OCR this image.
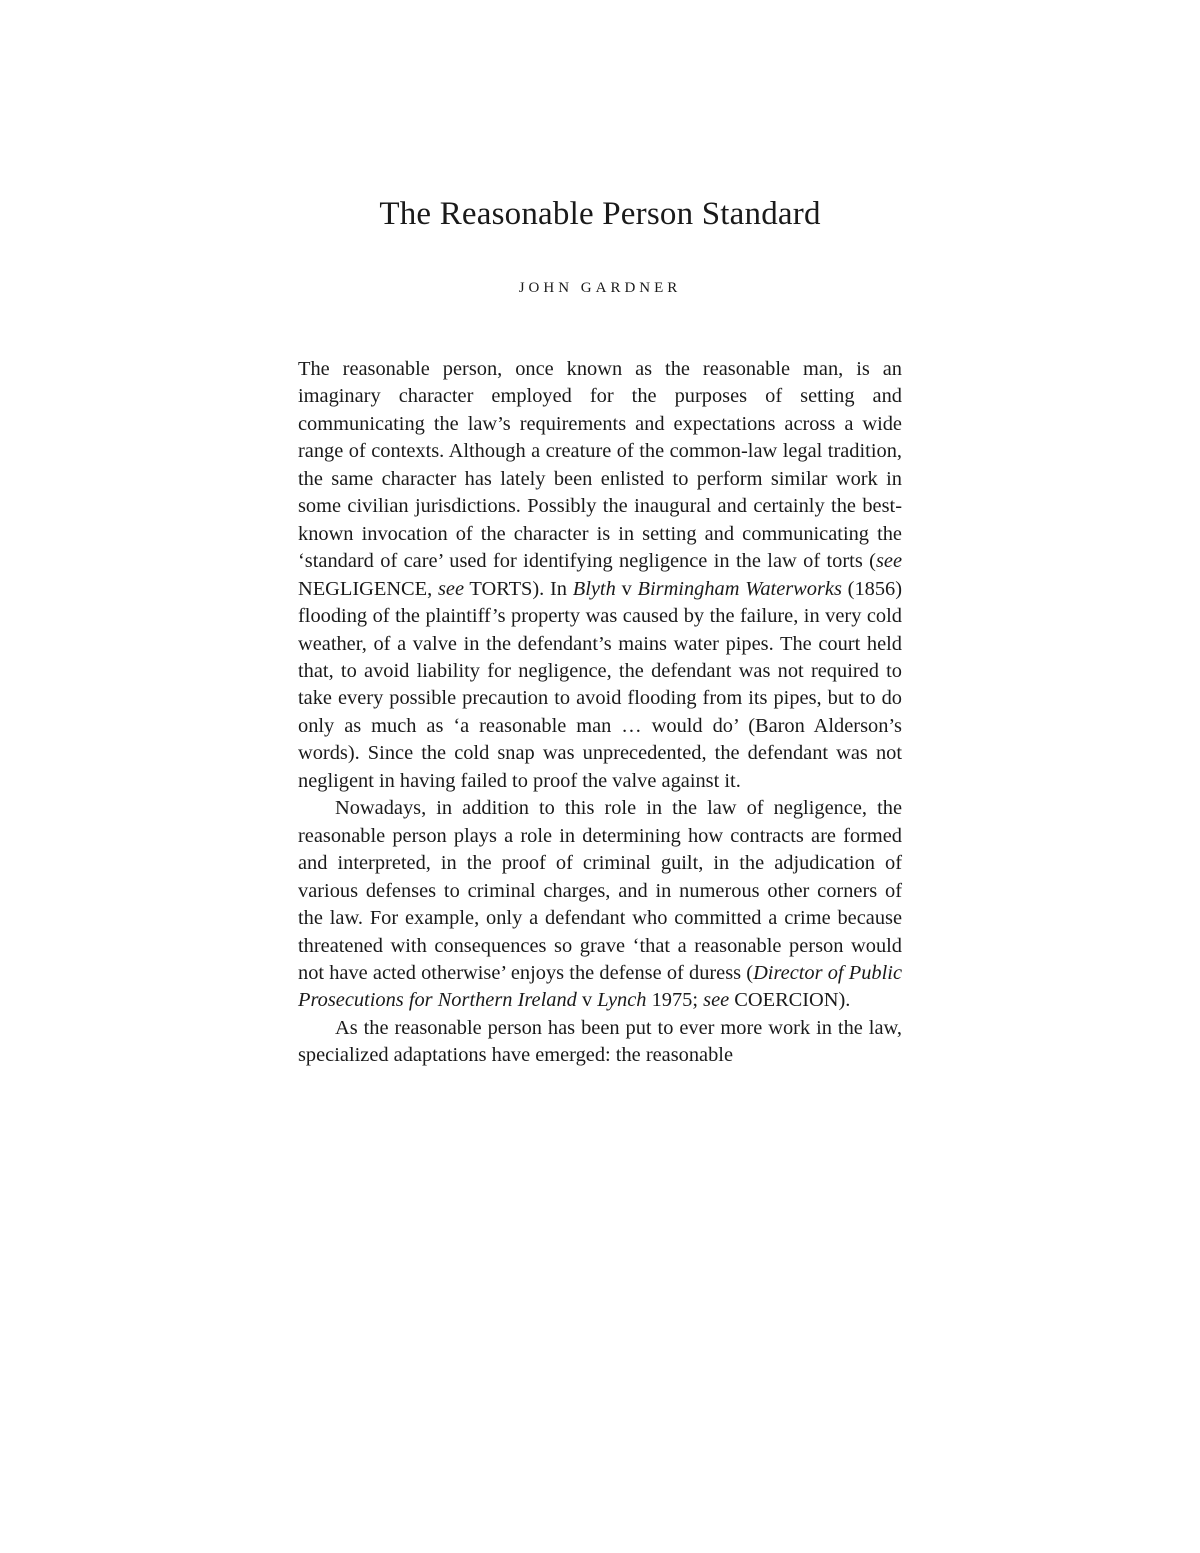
The Reasonable Person Standard
JOHN GARDNER

The reasonable person, once known as the reasonable man, is an imaginary character employed for the purposes of setting and communicating the law’s requirements and expectations across a wide range of contexts. Although a creature of the common-law legal tradition, the same character has lately been enlisted to perform similar work in some civilian jurisdictions. Possibly the inaugural and certainly the best-known invocation of the character is in setting and communicating the ‘standard of care’ used for identifying negligence in the law of torts (see NEGLIGENCE, see TORTS). In Blyth v Birmingham Waterworks (1856) flooding of the plaintiff’s property was caused by the failure, in very cold weather, of a valve in the defendant’s mains water pipes. The court held that, to avoid liability for negligence, the defendant was not required to take every possible precaution to avoid flooding from its pipes, but to do only as much as ‘a reasonable man … would do’ (Baron Alderson’s words). Since the cold snap was unprecedented, the defendant was not negligent in having failed to proof the valve against it.

Nowadays, in addition to this role in the law of negligence, the reasonable person plays a role in determining how contracts are formed and interpreted, in the proof of criminal guilt, in the adjudication of various defenses to criminal charges, and in numerous other corners of the law. For example, only a defendant who committed a crime because threatened with consequences so grave ‘that a reasonable person would not have acted otherwise’ enjoys the defense of duress (Director of Public Prosecutions for Northern Ireland v Lynch 1975; see COERCION).

As the reasonable person has been put to ever more work in the law, specialized adaptations have emerged: the reasonable
